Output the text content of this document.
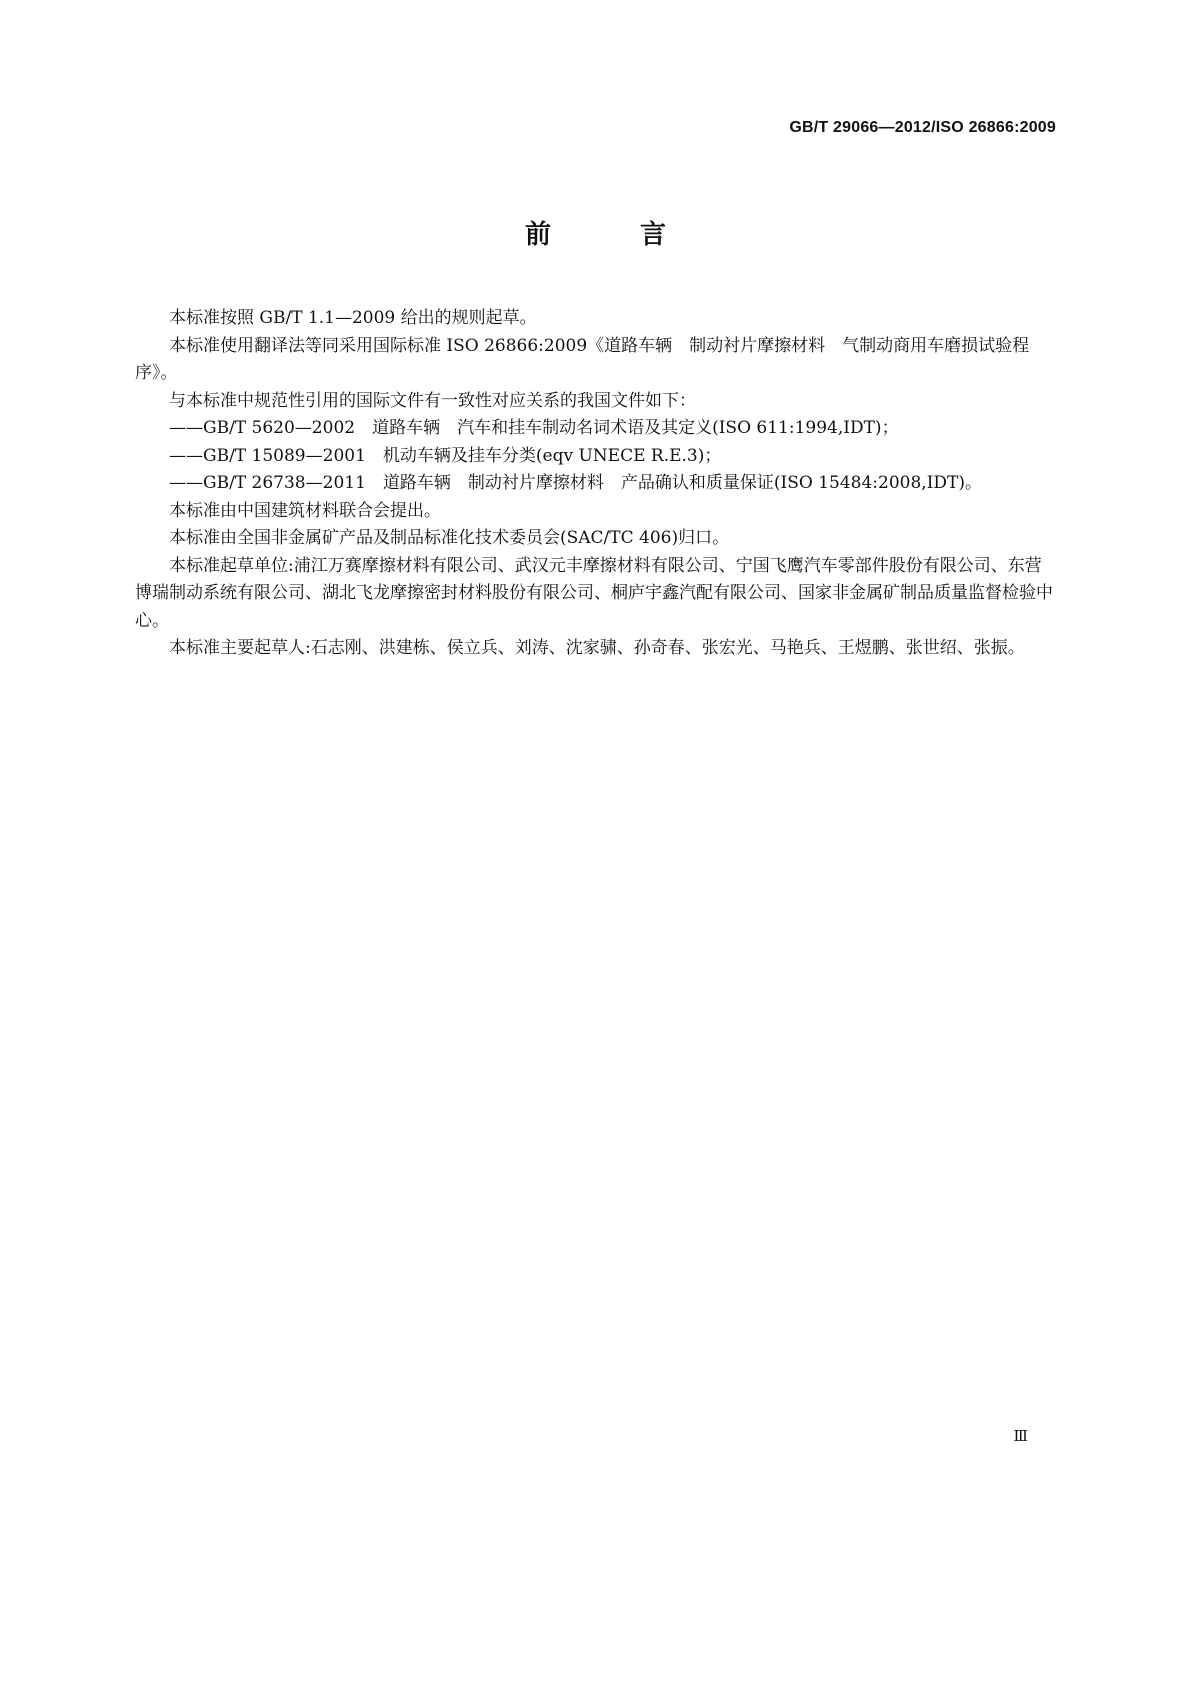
GB/T 29066—2012/ISO 26866:2009
前 言

本标准按照 GB/T 1.1—2009 给出的规则起草。

本标准使用翻译法等同采用国际标准 ISO 26866:2009《道路车辆　制动衬片摩擦材料　气制动商用车磨损试验程序》。

与本标准中规范性引用的国际文件有一致性对应关系的我国文件如下：

——GB/T 5620—2002　道路车辆　汽车和挂车制动名词术语及其定义(ISO 611:1994,IDT)；

——GB/T 15089—2001　机动车辆及挂车分类(eqv UNECE R.E.3)；

——GB/T 26738—2011　道路车辆　制动衬片摩擦材料　产品确认和质量保证(ISO 15484:2008,IDT)。

本标准由中国建筑材料联合会提出。

本标准由全国非金属矿产品及制品标准化技术委员会(SAC/TC 406)归口。

本标准起草单位:浦江万赛摩擦材料有限公司、武汉元丰摩擦材料有限公司、宁国飞鹰汽车零部件股份有限公司、东营博瑞制动系统有限公司、湖北飞龙摩擦密封材料股份有限公司、桐庐宇鑫汽配有限公司、国家非金属矿制品质量监督检验中心。

本标准主要起草人:石志刚、洪建栋、侯立兵、刘涛、沈家骕、孙奇春、张宏光、马艳兵、王煜鹏、张世绍、张振。

Ⅲ
